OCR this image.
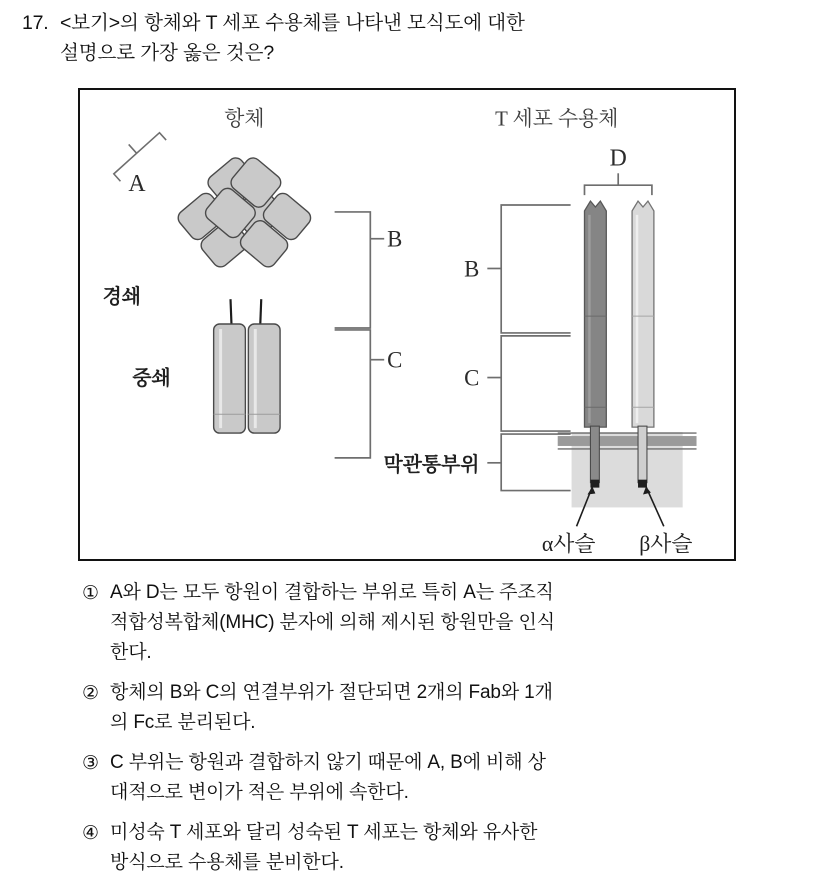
17. <보기>의 항체와 T 세포 수용체를 나타낸 모식도에 대한
설명으로 가장 옳은 것은?
항체	T 세포 수용체
A
경쇄
중쇄
B
C
D
α사슬 β사슬
B
C
막관통부위
① A와 D는 모두 항원이 결합하는 부위로 특히 A는 주조직
적합성복합체(MHC) 분자에 의해 제시된 항원만을 인식
한다.
② 항체의 B와 C의 연결부위가 절단되면 2개의 Fab와 1개
의 Fc로 분리된다.
③ C 부위는 항원과 결합하지 않기 때문에 A, B에 비해 상
대적으로 변이가 적은 부위에 속한다.
④ 미성숙 T 세포와 달리 성숙된 T 세포는 항체와 유사한
방식으로 수용체를 분비한다.
